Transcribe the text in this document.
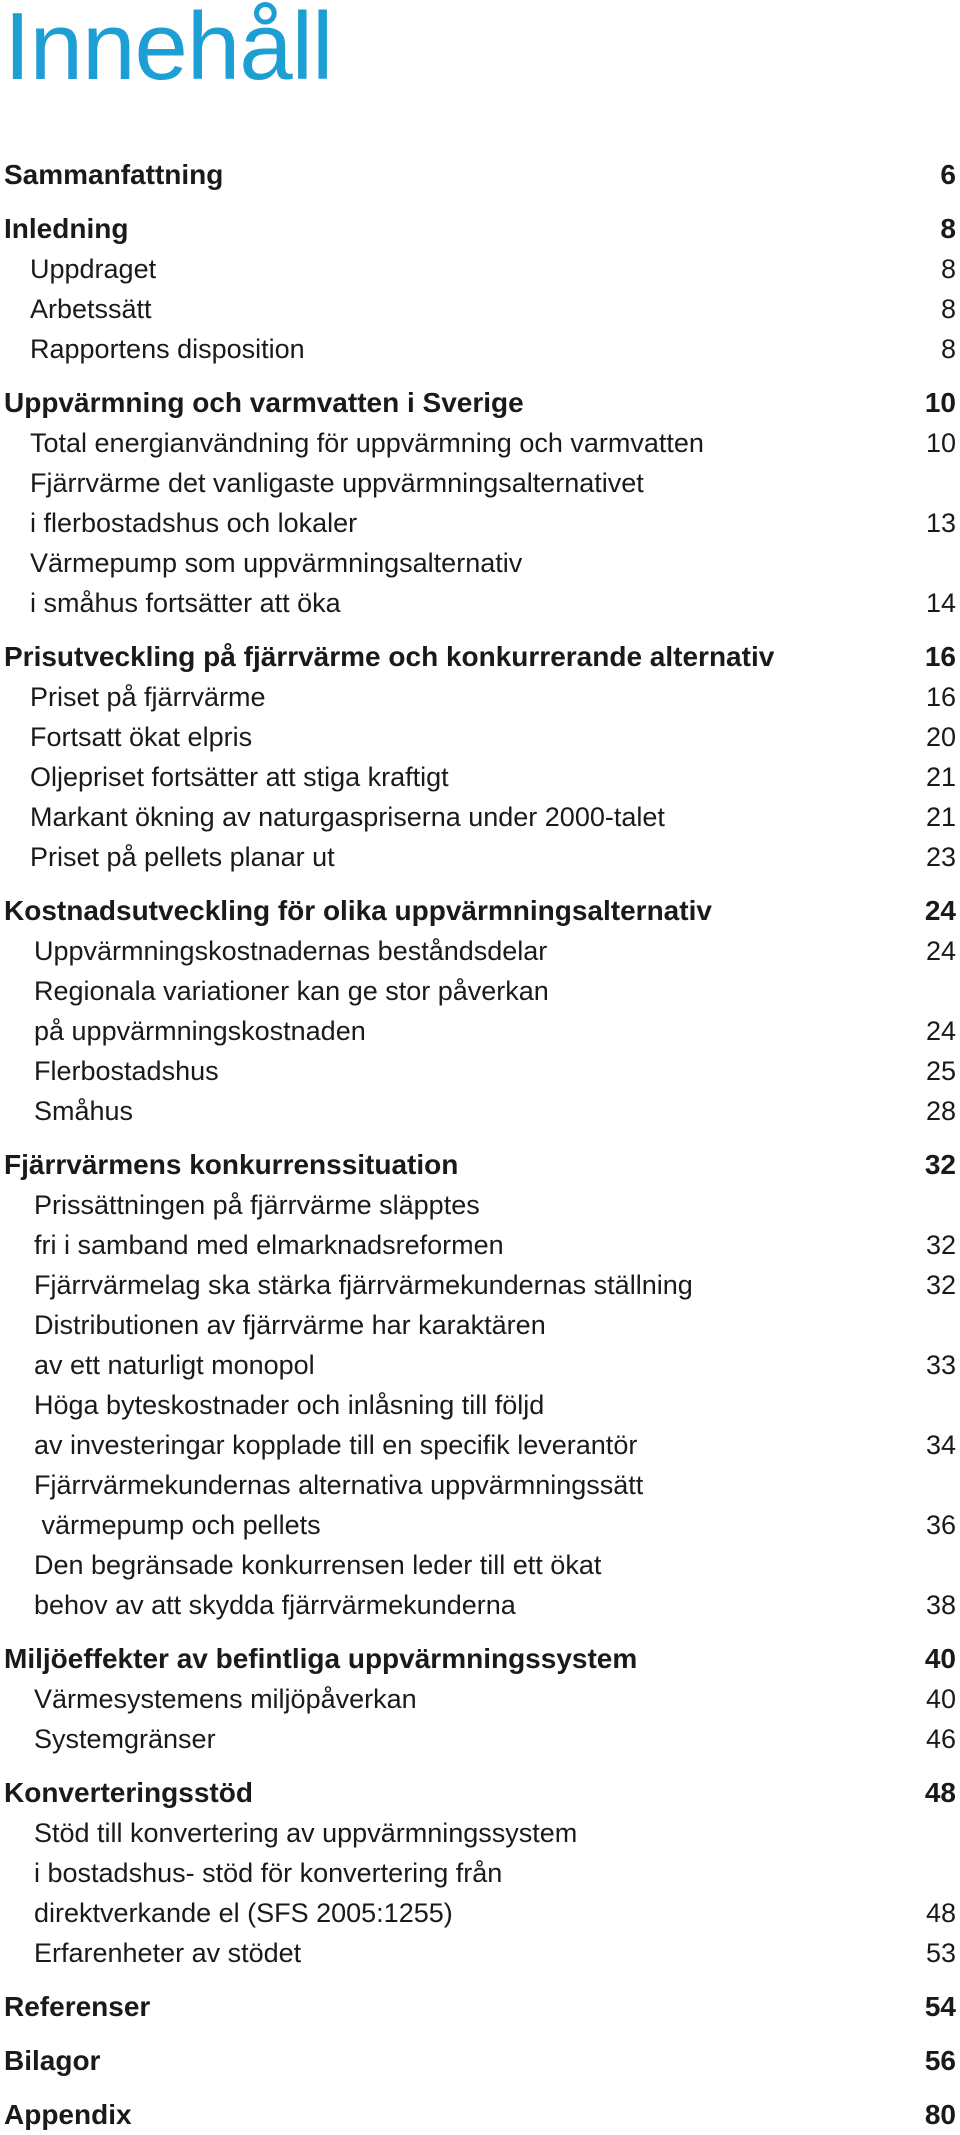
Innehåll
Sammanfattning	6
Inledning	8
Uppdraget	8
Arbetssätt	8
Rapportens disposition	8
Uppvärmning och varmvatten i Sverige	10
Total energianvändning för uppvärmning och varmvatten	10
Fjärrvärme det vanligaste uppvärmningsalternativet
i flerbostadshus och lokaler	13
Värmepump som uppvärmningsalternativ
i småhus fortsätter att öka	14
Prisutveckling på fjärrvärme och konkurrerande alternativ	16
Priset på fjärrvärme	16
Fortsatt ökat elpris	20
Oljepriset fortsätter att stiga kraftigt	21
Markant ökning av naturgaspriserna under 2000-talet	21
Priset på pellets planar ut	23
Kostnadsutveckling för olika uppvärmningsalternativ	24
Uppvärmningskostnadernas beståndsdelar	24
Regionala variationer kan ge stor påverkan
på uppvärmningskostnaden	24
Flerbostadshus	25
Småhus	28
Fjärrvärmens konkurrenssituation	32
Prissättningen på fjärrvärme släpptes
fri i samband med elmarknadsreformen	32
Fjärrvärmelag ska stärka fjärrvärmekundernas ställning	32
Distributionen av fjärrvärme har karaktären
av ett naturligt monopol	33
Höga byteskostnader och inlåsning till följd
av investeringar kopplade till en specifik leverantör	34
Fjärrvärmekundernas alternativa uppvärmningssätt
värmepump och pellets	36
Den begränsade konkurrensen leder till ett ökat
behov av att skydda fjärrvärmekunderna	38
Miljöeffekter av befintliga uppvärmningssystem	40
Värmesystemens miljöpåverkan	40
Systemgränser	46
Konverteringsstöd	48
Stöd till konvertering av uppvärmningssystem
i bostadshus- stöd för konvertering från
direktverkande el (SFS 2005:1255)	48
Erfarenheter av stödet	53
Referenser	54
Bilagor	56
Appendix	80
